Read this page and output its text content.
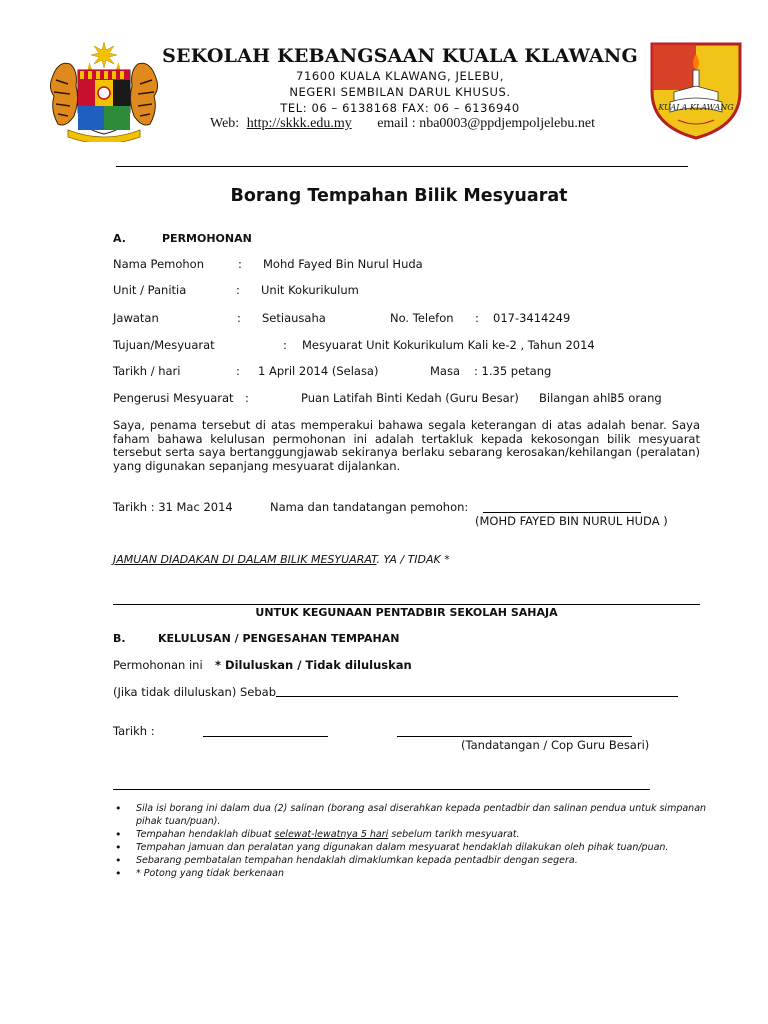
SEKOLAH KEBANGSAAN KUALA KLAWANG
71600 KUALA KLAWANG, JELEBU,
NEGERI SEMBILAN DARUL KHUSUS.
TEL: 06 – 6138168 FAX: 06 – 6136940
Web: http://skkk.edu.my email : nba0003@ppdjempoljelebu.net
KUALA KLAWANG
Borang Tempahan Bilik Mesyuarat
A.	PERMOHONAN
Nama Pemohon	: Mohd Fayed Bin Nurul Huda
Unit / Panitia	: Unit Kokurikulum
Jawatan	: Setiausaha	No. Telefon : 017-3414249
Tujuan/Mesyuarat	: Mesyuarat Unit Kokurikulum Kali ke-2 , Tahun 2014
Tarikh / hari	: 1 April 2014 (Selasa)	Masa : 1.35 petang
Pengerusi Mesyuarat :	Puan Latifah Binti Kedah (Guru Besar) Bilangan ahli :
35 orang
Saya, penama tersebut di atas memperakui bahawa segala keterangan di atas adalah benar. Saya faham bahawa kelulusan permohonan ini adalah tertakluk kepada kekosongan bilik mesyuarat tersebut serta saya bertanggungjawab sekiranya berlaku sebarang kerosakan/kehilangan (peralatan) yang digunakan sepanjang mesyuarat dijalankan.
Tarikh : 31 Mac 2014	Nama dan tandatangan pemohon:
(MOHD FAYED BIN NURUL HUDA )
JAMUAN DIADAKAN DI DALAM BILIK MESYUARAT. YA / TIDAK *
UNTUK KEGUNAAN PENTADBIR SEKOLAH SAHAJA
B.	KELULUSAN / PENGESAHAN TEMPAHAN
Permohonan ini * Diluluskan / Tidak diluluskan
(Jika tidak diluluskan) Sebab
Tarikh :
(Tandatangan / Cop Guru Besari)
• Sila isi borang ini dalam dua (2) salinan (borang asal diserahkan kepada pentadbir dan salinan pendua untuk simpanan pihak tuan/puan).
• Tempahan hendaklah dibuat selewat-lewatnya 5 hari sebelum tarikh mesyuarat.
• Tempahan jamuan dan peralatan yang digunakan dalam mesyuarat hendaklah dilakukan oleh pihak tuan/puan.
• Sebarang pembatalan tempahan hendaklah dimaklumkan kepada pentadbir dengan segera.
• * Potong yang tidak berkenaan
